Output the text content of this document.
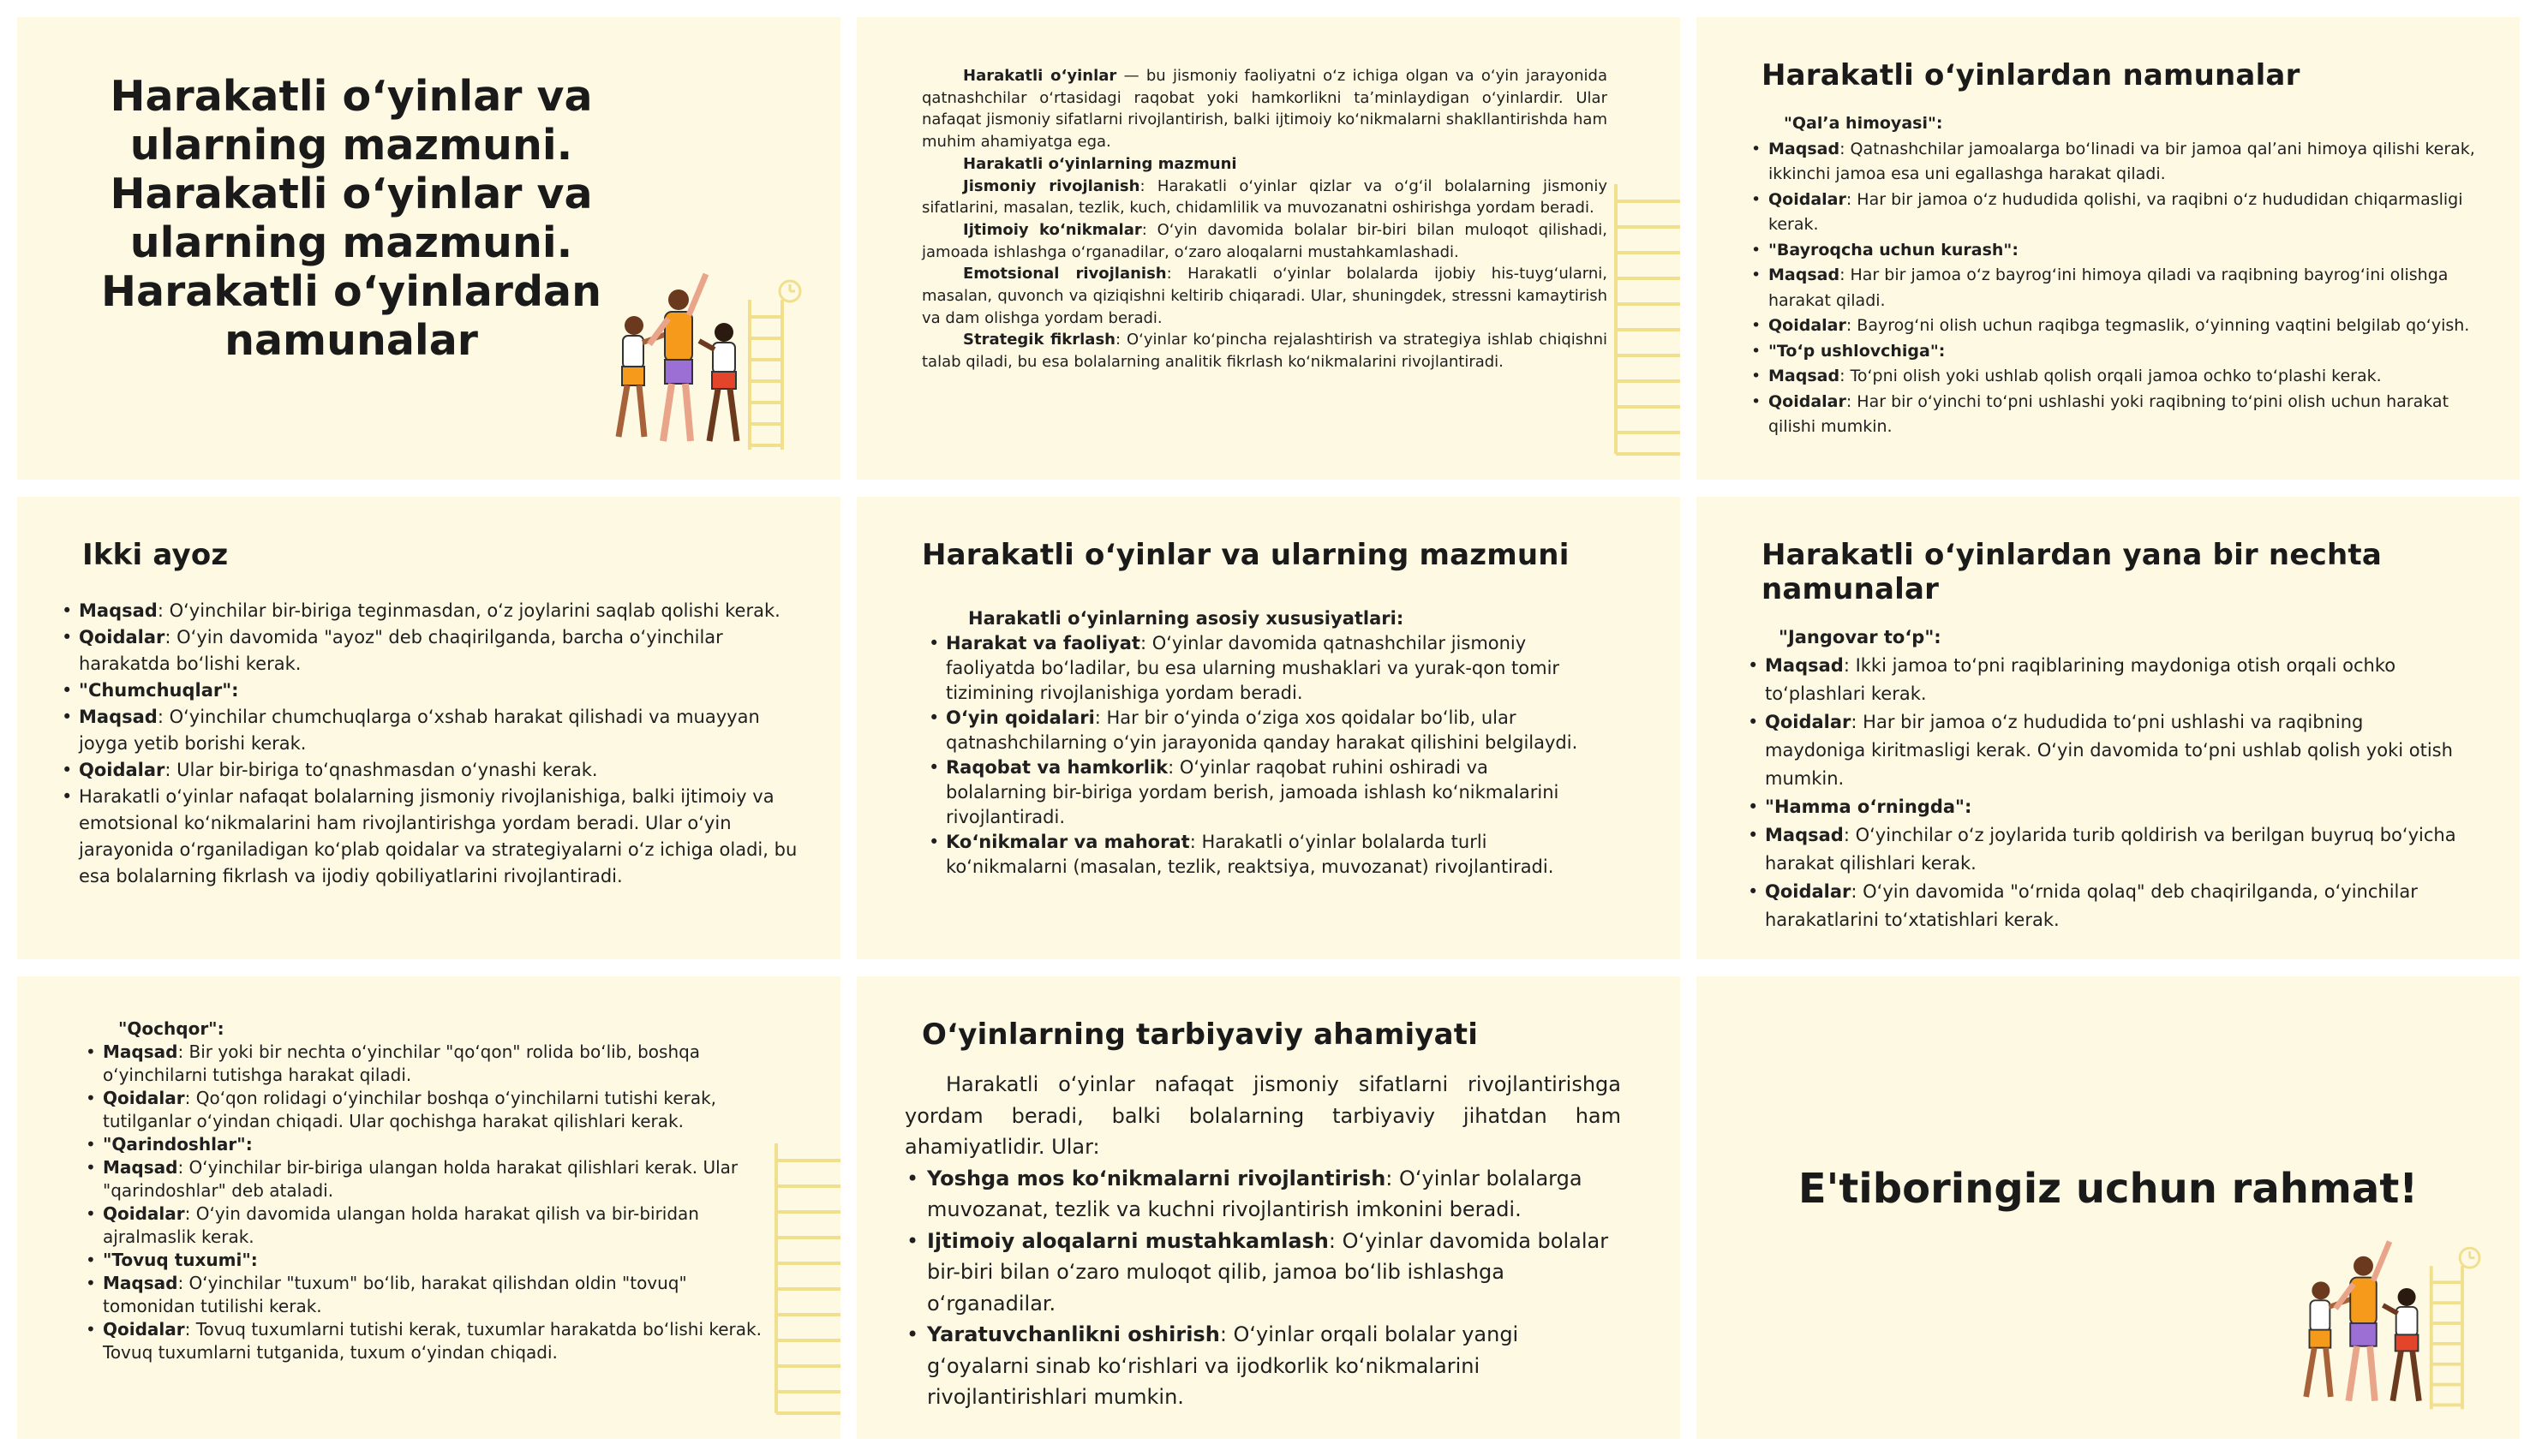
Harakatli oʻyinlar va ularning mazmuni. Harakatli oʻyinlar va ularning mazmuni. Harakatli oʻyinlardan namunalar

Harakatli oʻyinlar — bu jismoniy faoliyatni oʻz ichiga olgan va oʻyin jarayonida qatnashchilar oʻrtasidagi raqobat yoki hamkorlikni taʼminlaydigan oʻyinlardir. Ular nafaqat jismoniy sifatlarni rivojlantirish, balki ijtimoiy koʻnikmalarni shakllantirishda ham muhim ahamiyatga ega.

Harakatli oʻyinlarning mazmuni

Jismoniy rivojlanish: Harakatli oʻyinlar qizlar va oʻgʻil bolalarning jismoniy sifatlarini, masalan, tezlik, kuch, chidamlilik va muvozanatni oshirishga yordam beradi.

Ijtimoiy koʻnikmalar: Oʻyin davomida bolalar bir-biri bilan muloqot qilishadi, jamoada ishlashga oʻrganadilar, oʻzaro aloqalarni mustahkamlashadi.

Emotsional rivojlanish: Harakatli oʻyinlar bolalarda ijobiy his-tuygʻularni, masalan, quvonch va qiziqishni keltirib chiqaradi. Ular, shuningdek, stressni kamaytirish va dam olishga yordam beradi.

Strategik fikrlash: Oʻyinlar koʻpincha rejalashtirish va strategiya ishlab chiqishni talab qiladi, bu esa bolalarning analitik fikrlash koʻnikmalarini rivojlantiradi.

Harakatli oʻyinlardan namunalar
"Qalʼa himoyasi":
• Maqsad: Qatnashchilar jamoalarga boʻlinadi va bir jamoa qalʼani himoya qilishi kerak, ikkinchi jamoa esa uni egallashga harakat qiladi.
• Qoidalar: Har bir jamoa oʻz hududida qolishi, va raqibni oʻz hududidan chiqarmasligi kerak.
• "Bayroqcha uchun kurash":
• Maqsad: Har bir jamoa oʻz bayrogʻini himoya qiladi va raqibning bayrogʻini olishga harakat qiladi.
• Qoidalar: Bayrogʻni olish uchun raqibga tegmaslik, oʻyinning vaqtini belgilab qoʻyish.
• "Toʻp ushlovchiga":
• Maqsad: Toʻpni olish yoki ushlab qolish orqali jamoa ochko toʻplashi kerak.
• Qoidalar: Har bir oʻyinchi toʻpni ushlashi yoki raqibning toʻpini olish uchun harakat qilishi mumkin.
Ikki ayoz
• Maqsad: Oʻyinchilar bir-biriga teginmasdan, oʻz joylarini saqlab qolishi kerak.
• Qoidalar: Oʻyin davomida "ayoz" deb chaqirilganda, barcha oʻyinchilar harakatda boʻlishi kerak.
• "Chumchuqlar":
• Maqsad: Oʻyinchilar chumchuqlarga oʻxshab harakat qilishadi va muayyan joyga yetib borishi kerak.
• Qoidalar: Ular bir-biriga toʻqnashmasdan oʻynashi kerak.
• Harakatli oʻyinlar nafaqat bolalarning jismoniy rivojlanishiga, balki ijtimoiy va emotsional koʻnikmalarini ham rivojlantirishga yordam beradi. Ular oʻyin jarayonida oʻrganiladigan koʻplab qoidalar va strategiyalarni oʻz ichiga oladi, bu esa bolalarning fikrlash va ijodiy qobiliyatlarini rivojlantiradi.
Harakatli oʻyinlar va ularning mazmuni
Harakatli oʻyinlarning asosiy xususiyatlari:
• Harakat va faoliyat: Oʻyinlar davomida qatnashchilar jismoniy faoliyatda boʻladilar, bu esa ularning mushaklari va yurak-qon tomir tizimining rivojlanishiga yordam beradi.
• Oʻyin qoidalari: Har bir oʻyinda oʻziga xos qoidalar boʻlib, ular qatnashchilarning oʻyin jarayonida qanday harakat qilishini belgilaydi.
• Raqobat va hamkorlik: Oʻyinlar raqobat ruhini oshiradi va bolalarning bir-biriga yordam berish, jamoada ishlash koʻnikmalarini rivojlantiradi.
• Koʻnikmalar va mahorat: Harakatli oʻyinlar bolalarda turli koʻnikmalarni (masalan, tezlik, reaktsiya, muvozanat) rivojlantiradi.
Harakatli oʻyinlardan yana bir nechta namunalar
"Jangovar toʻp":
• Maqsad: Ikki jamoa toʻpni raqiblarining maydoniga otish orqali ochko toʻplashlari kerak.
• Qoidalar: Har bir jamoa oʻz hududida toʻpni ushlashi va raqibning maydoniga kiritmasligi kerak. Oʻyin davomida toʻpni ushlab qolish yoki otish mumkin.
• "Hamma oʻrningda":
• Maqsad: Oʻyinchilar oʻz joylarida turib qoldirish va berilgan buyruq boʻyicha harakat qilishlari kerak.
• Qoidalar: Oʻyin davomida "oʻrnida qolaq" deb chaqirilganda, oʻyinchilar harakatlarini toʻxtatishlari kerak.
"Qochqor":
• Maqsad: Bir yoki bir nechta oʻyinchilar "qoʻqon" rolida boʻlib, boshqa oʻyinchilarni tutishga harakat qiladi.
• Qoidalar: Qoʻqon rolidagi oʻyinchilar boshqa oʻyinchilarni tutishi kerak, tutilganlar oʻyindan chiqadi. Ular qochishga harakat qilishlari kerak.
• "Qarindoshlar":
• Maqsad: Oʻyinchilar bir-biriga ulangan holda harakat qilishlari kerak. Ular "qarindoshlar" deb ataladi.
• Qoidalar: Oʻyin davomida ulangan holda harakat qilish va bir-biridan ajralmaslik kerak.
• "Tovuq tuxumi":
• Maqsad: Oʻyinchilar "tuxum" boʻlib, harakat qilishdan oldin "tovuq" tomonidan tutilishi kerak.
• Qoidalar: Tovuq tuxumlarni tutishi kerak, tuxumlar harakatda boʻlishi kerak. Tovuq tuxumlarni tutganida, tuxum oʻyindan chiqadi.
Oʻyinlarning tarbiyaviy ahamiyati

Harakatli oʻyinlar nafaqat jismoniy sifatlarni rivojlantirishga yordam beradi, balki bolalarning tarbiyaviy jihatdan ham ahamiyatlidir. Ular:

• Yoshga mos koʻnikmalarni rivojlantirish: Oʻyinlar bolalarga muvozanat, tezlik va kuchni rivojlantirish imkonini beradi.
• Ijtimoiy aloqalarni mustahkamlash: Oʻyinlar davomida bolalar bir-biri bilan oʻzaro muloqot qilib, jamoa boʻlib ishlashga oʻrganadilar.
• Yaratuvchanlikni oshirish: Oʻyinlar orqali bolalar yangi gʻoyalarni sinab koʻrishlari va ijodkorlik koʻnikmalarini rivojlantirishlari mumkin.
E'tiboringiz uchun rahmat!
